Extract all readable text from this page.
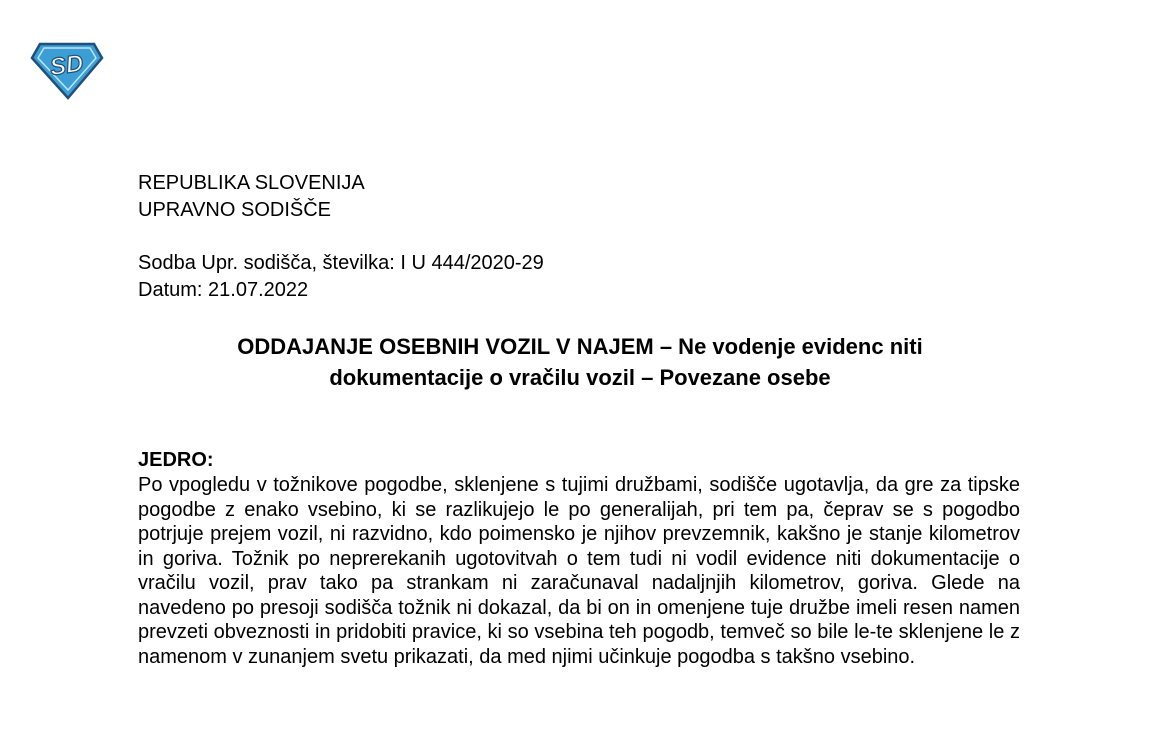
SD
REPUBLIKA SLOVENIJA
UPRAVNO SODIŠČE
Sodba Upr. sodišča, številka: I U 444/2020-29
Datum: 21.07.2022
ODDAJANJE OSEBNIH VOZIL V NAJEM – Ne vodenje evidenc niti
dokumentacije o vračilu vozil – Povezane osebe
JEDRO:
Po vpogledu v tožnikove pogodbe, sklenjene s tujimi družbami, sodišče ugotavlja, da gre za tipske pogodbe z enako vsebino, ki se razlikujejo le po generalijah, pri tem pa, čeprav se s pogodbo potrjuje prejem vozil, ni razvidno, kdo poimensko je njihov prevzemnik, kakšno je stanje kilometrov in goriva. Tožnik po neprerekanih ugotovitvah o tem tudi ni vodil evidence niti dokumentacije o vračilu vozil, prav tako pa strankam ni zaračunaval nadaljnjih kilometrov, goriva. Glede na navedeno po presoji sodišča tožnik ni dokazal, da bi on in omenjene tuje družbe imeli resen namen prevzeti obveznosti in pridobiti pravice, ki so vsebina teh pogodb, temveč so bile le-te sklenjene le z namenom v zunanjem svetu prikazati, da med njimi učinkuje pogodba s takšno vsebino.
